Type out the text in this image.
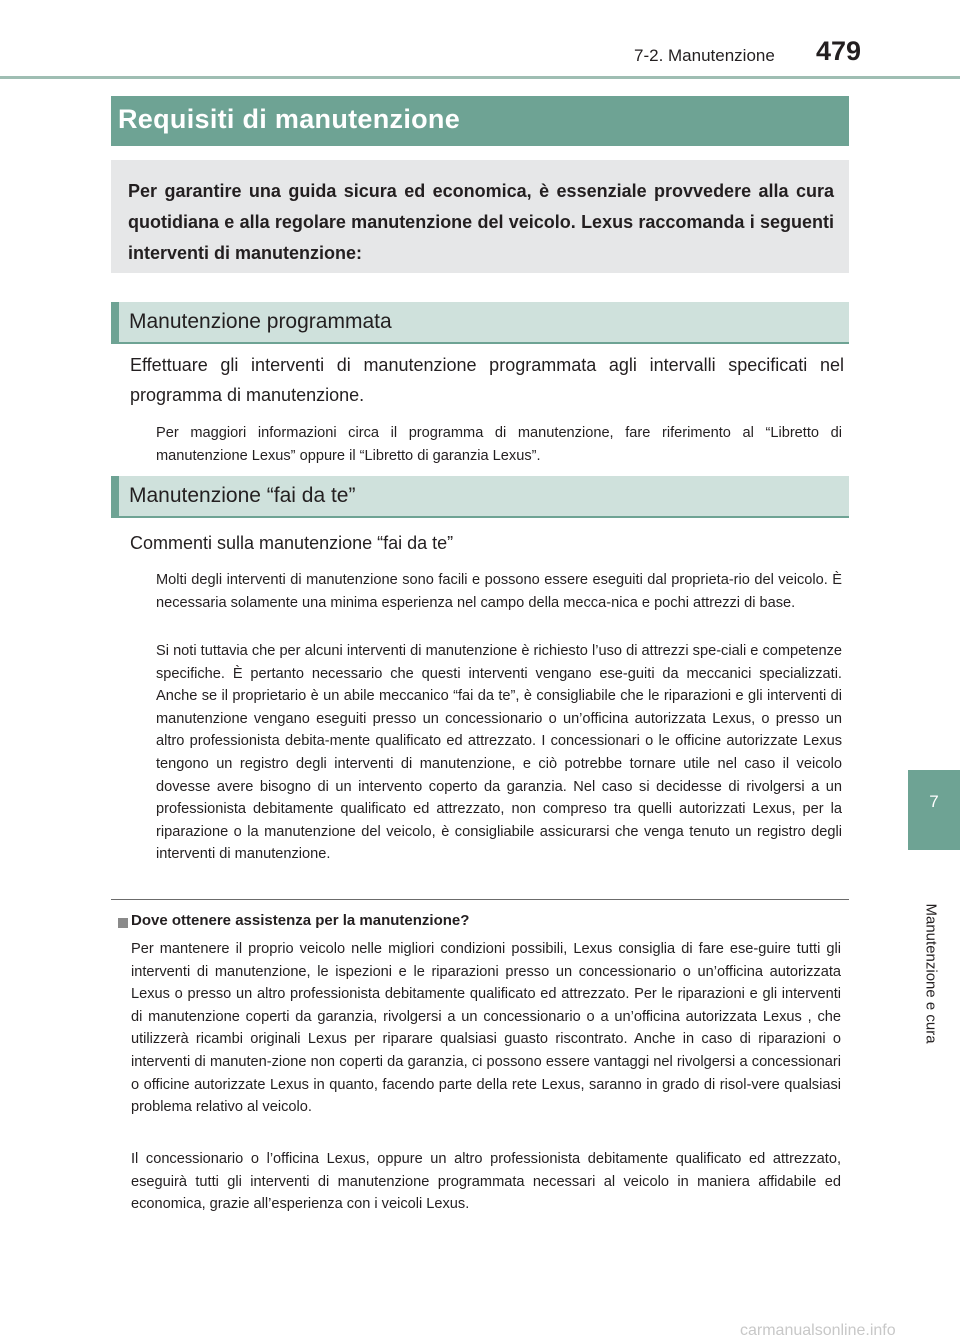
7-2. Manutenzione 479
Requisiti di manutenzione

Per garantire una guida sicura ed economica, è essenziale provvedere alla cura quotidiana e alla regolare manutenzione del veicolo. Lexus raccomanda i seguenti interventi di manutenzione:

Manutenzione programmata

Effettuare gli interventi di manutenzione programmata agli intervalli specificati nel programma di manutenzione.

Per maggiori informazioni circa il programma di manutenzione, fare riferimento al “Libretto di manutenzione Lexus” oppure il “Libretto di garanzia Lexus”.

Manutenzione “fai da te”

Commenti sulla manutenzione “fai da te”

Molti degli interventi di manutenzione sono facili e possono essere eseguiti dal proprieta-rio del veicolo. È necessaria solamente una minima esperienza nel campo della mecca-nica e pochi attrezzi di base.

Si noti tuttavia che per alcuni interventi di manutenzione è richiesto l’uso di attrezzi spe-ciali e competenze specifiche. È pertanto necessario che questi interventi vengano ese-guiti da meccanici specializzati. Anche se il proprietario è un abile meccanico “fai da te”, è consigliabile che le riparazioni e gli interventi di manutenzione vengano eseguiti presso un concessionario o un’officina autorizzata Lexus, o presso un altro professionista debita-mente qualificato ed attrezzato. I concessionari o le officine autorizzate Lexus tengono un registro degli interventi di manutenzione, e ciò potrebbe tornare utile nel caso il veicolo dovesse avere bisogno di un intervento coperto da garanzia. Nel caso si decidesse di rivolgersi a un professionista debitamente qualificato ed attrezzato, non compreso tra quelli autorizzati Lexus, per la riparazione o la manutenzione del veicolo, è consigliabile assicurarsi che venga tenuto un registro degli interventi di manutenzione.

Dove ottenere assistenza per la manutenzione?

Per mantenere il proprio veicolo nelle migliori condizioni possibili, Lexus consiglia di fare ese-guire tutti gli interventi di manutenzione, le ispezioni e le riparazioni presso un concessionario o un’officina autorizzata Lexus o presso un altro professionista debitamente qualificato ed attrezzato. Per le riparazioni e gli interventi di manutenzione coperti da garanzia, rivolgersi a un concessionario o a un’officina autorizzata Lexus , che utilizzerà ricambi originali Lexus per riparare qualsiasi guasto riscontrato. Anche in caso di riparazioni o interventi di manuten-zione non coperti da garanzia, ci possono essere vantaggi nel rivolgersi a concessionari o officine autorizzate Lexus in quanto, facendo parte della rete Lexus, saranno in grado di risol-vere qualsiasi problema relativo al veicolo.

Il concessionario o l’officina Lexus, oppure un altro professionista debitamente qualificato ed attrezzato, eseguirà tutti gli interventi di manutenzione programmata necessari al veicolo in maniera affidabile ed economica, grazie all’esperienza con i veicoli Lexus.

7
Manutenzione e cura
carmanualsonline.info
